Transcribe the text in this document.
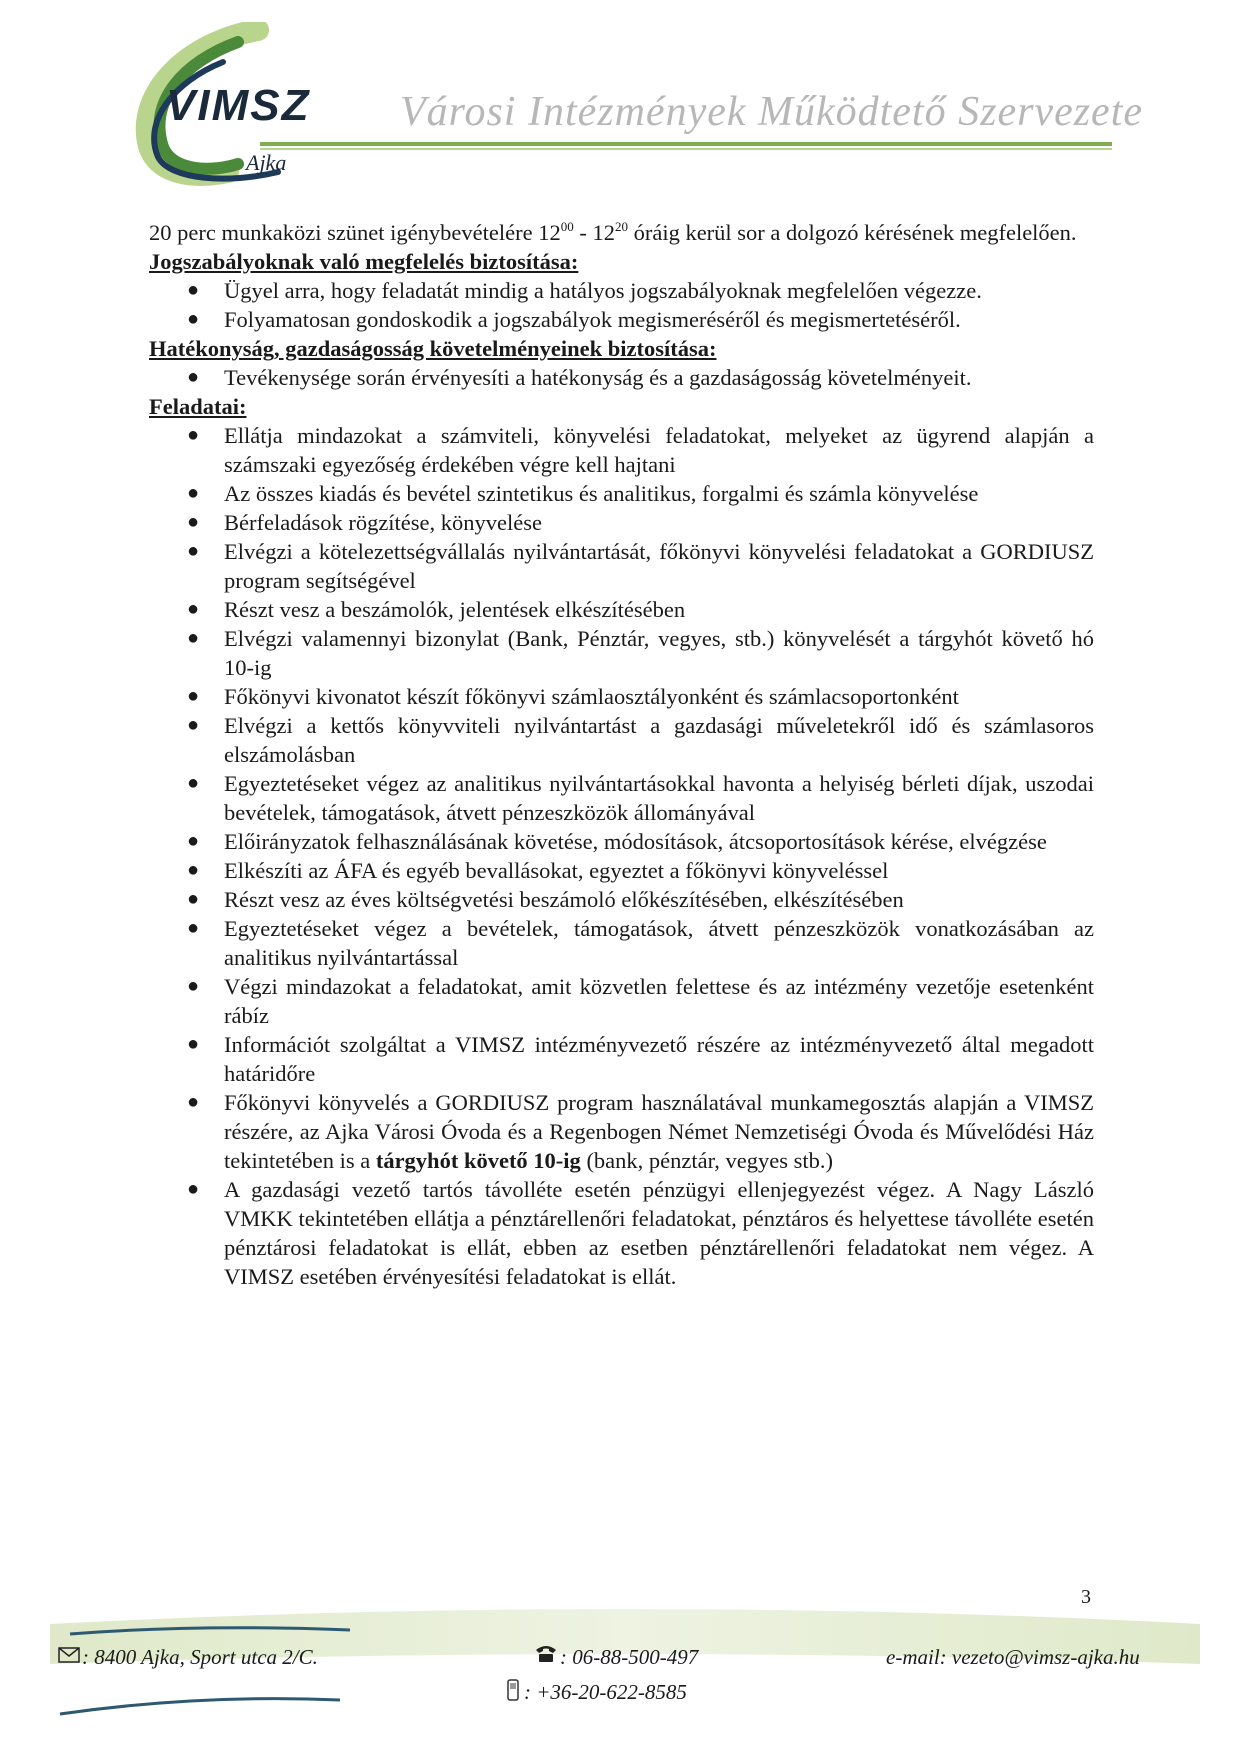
VIMSZ
Ajka
Városi Intézmények Működtető Szervezete

20 perc munkaközi szünet igénybevételére $12^{00} - 12^{20}$ óráig kerül sor a dolgozó kérésének megfelelően.

Jogszabályoknak való megfelelés biztosítása:

● Ügyel arra, hogy feladatát mindig a hatályos jogszabályoknak megfelelően végezze.
● Folyamatosan gondoskodik a jogszabályok megismeréséről és megismertetéséről.

Hatékonyság, gazdaságosság követelményeinek biztosítása:

● Tevékenysége során érvényesíti a hatékonyság és a gazdaságosság követelményeit.

Feladatai:

● Ellátja mindazokat a számviteli, könyvelési feladatokat, melyeket az ügyrend alapján a számszaki egyezőség érdekében végre kell hajtani
● Az összes kiadás és bevétel szintetikus és analitikus, forgalmi és számla könyvelése
● Bérfeladások rögzítése, könyvelése
● Elvégzi a kötelezettségvállalás nyilvántartását, főkönyvi könyvelési feladatokat a GORDIUSZ program segítségével
● Részt vesz a beszámolók, jelentések elkészítésében
● Elvégzi valamennyi bizonylat (Bank, Pénztár, vegyes, stb.) könyvelését a tárgyhót követő hó 10-ig
● Főkönyvi kivonatot készít főkönyvi számlaosztályonként és számlacsoportonként
● Elvégzi a kettős könyvviteli nyilvántartást a gazdasági műveletekről idő és számlasoros elszámolásban
● Egyeztetéseket végez az analitikus nyilvántartásokkal havonta a helyiség bérleti díjak, uszodai bevételek, támogatások, átvett pénzeszközök állományával
● Előirányzatok felhasználásának követése, módosítások, átcsoportosítások kérése, elvégzése
● Elkészíti az ÁFA és egyéb bevallásokat, egyeztet a főkönyvi könyveléssel
● Részt vesz az éves költségvetési beszámoló előkészítésében, elkészítésében
● Egyeztetéseket végez a bevételek, támogatások, átvett pénzeszközök vonatkozásában az analitikus nyilvántartással
● Végzi mindazokat a feladatokat, amit közvetlen felettese és az intézmény vezetője esetenként rábíz
● Információt szolgáltat a VIMSZ intézményvezető részére az intézményvezető által megadott határidőre
● Főkönyvi könyvelés a GORDIUSZ program használatával munkamegosztás alapján a VIMSZ részére, az Ajka Városi Óvoda és a Regenbogen Német Nemzetiségi Óvoda és Művelődési Ház tekintetében is a tárgyhót követő 10-ig (bank, pénztár, vegyes stb.)
● A gazdasági vezető tartós távolléte esetén pénzügyi ellenjegyezést végez. A Nagy László VMKK tekintetében ellátja a pénztárellenőri feladatokat, pénztáros és helyettese távolléte esetén pénztárosi feladatokat is ellát, ebben az esetben pénztárellenőri feladatokat nem végez. A VIMSZ esetében érvényesítési feladatokat is ellát.
3
: 8400 Ajka, Sport utca 2/C.	: 06-88-500-497	e-mail: vezeto@vimsz-ajka.hu
: +36-20-622-8585
